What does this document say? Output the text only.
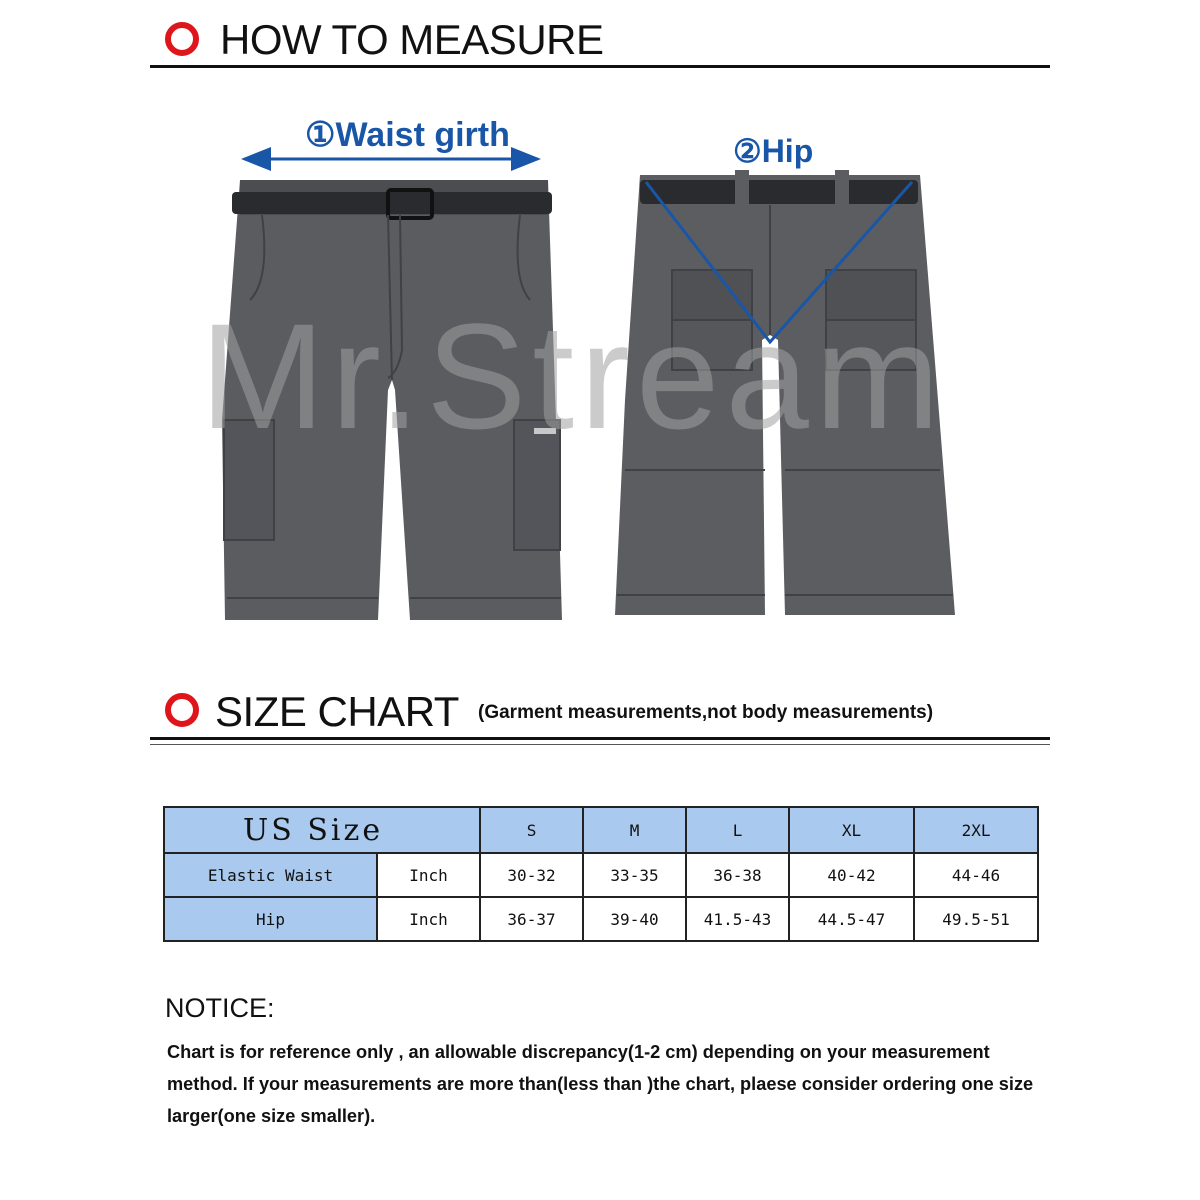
HOW TO MEASURE
①Waist girth	②Hip
Mr.Stream
SIZE CHART (Garment measurements,not body measurements)
US Size		S	M	L	XL	2XL
Elastic Waist	Inch	30-32	33-35	36-38	40-42	44-46
Hip	Inch	36-37	39-40	41.5-43	44.5-47	49.5-51
NOTICE:
Chart is for reference only , an allowable discrepancy(1-2 cm) depending on your measurement method. If your measurements are more than(less than )the chart, plaese consider ordering one size larger(one size smaller).
